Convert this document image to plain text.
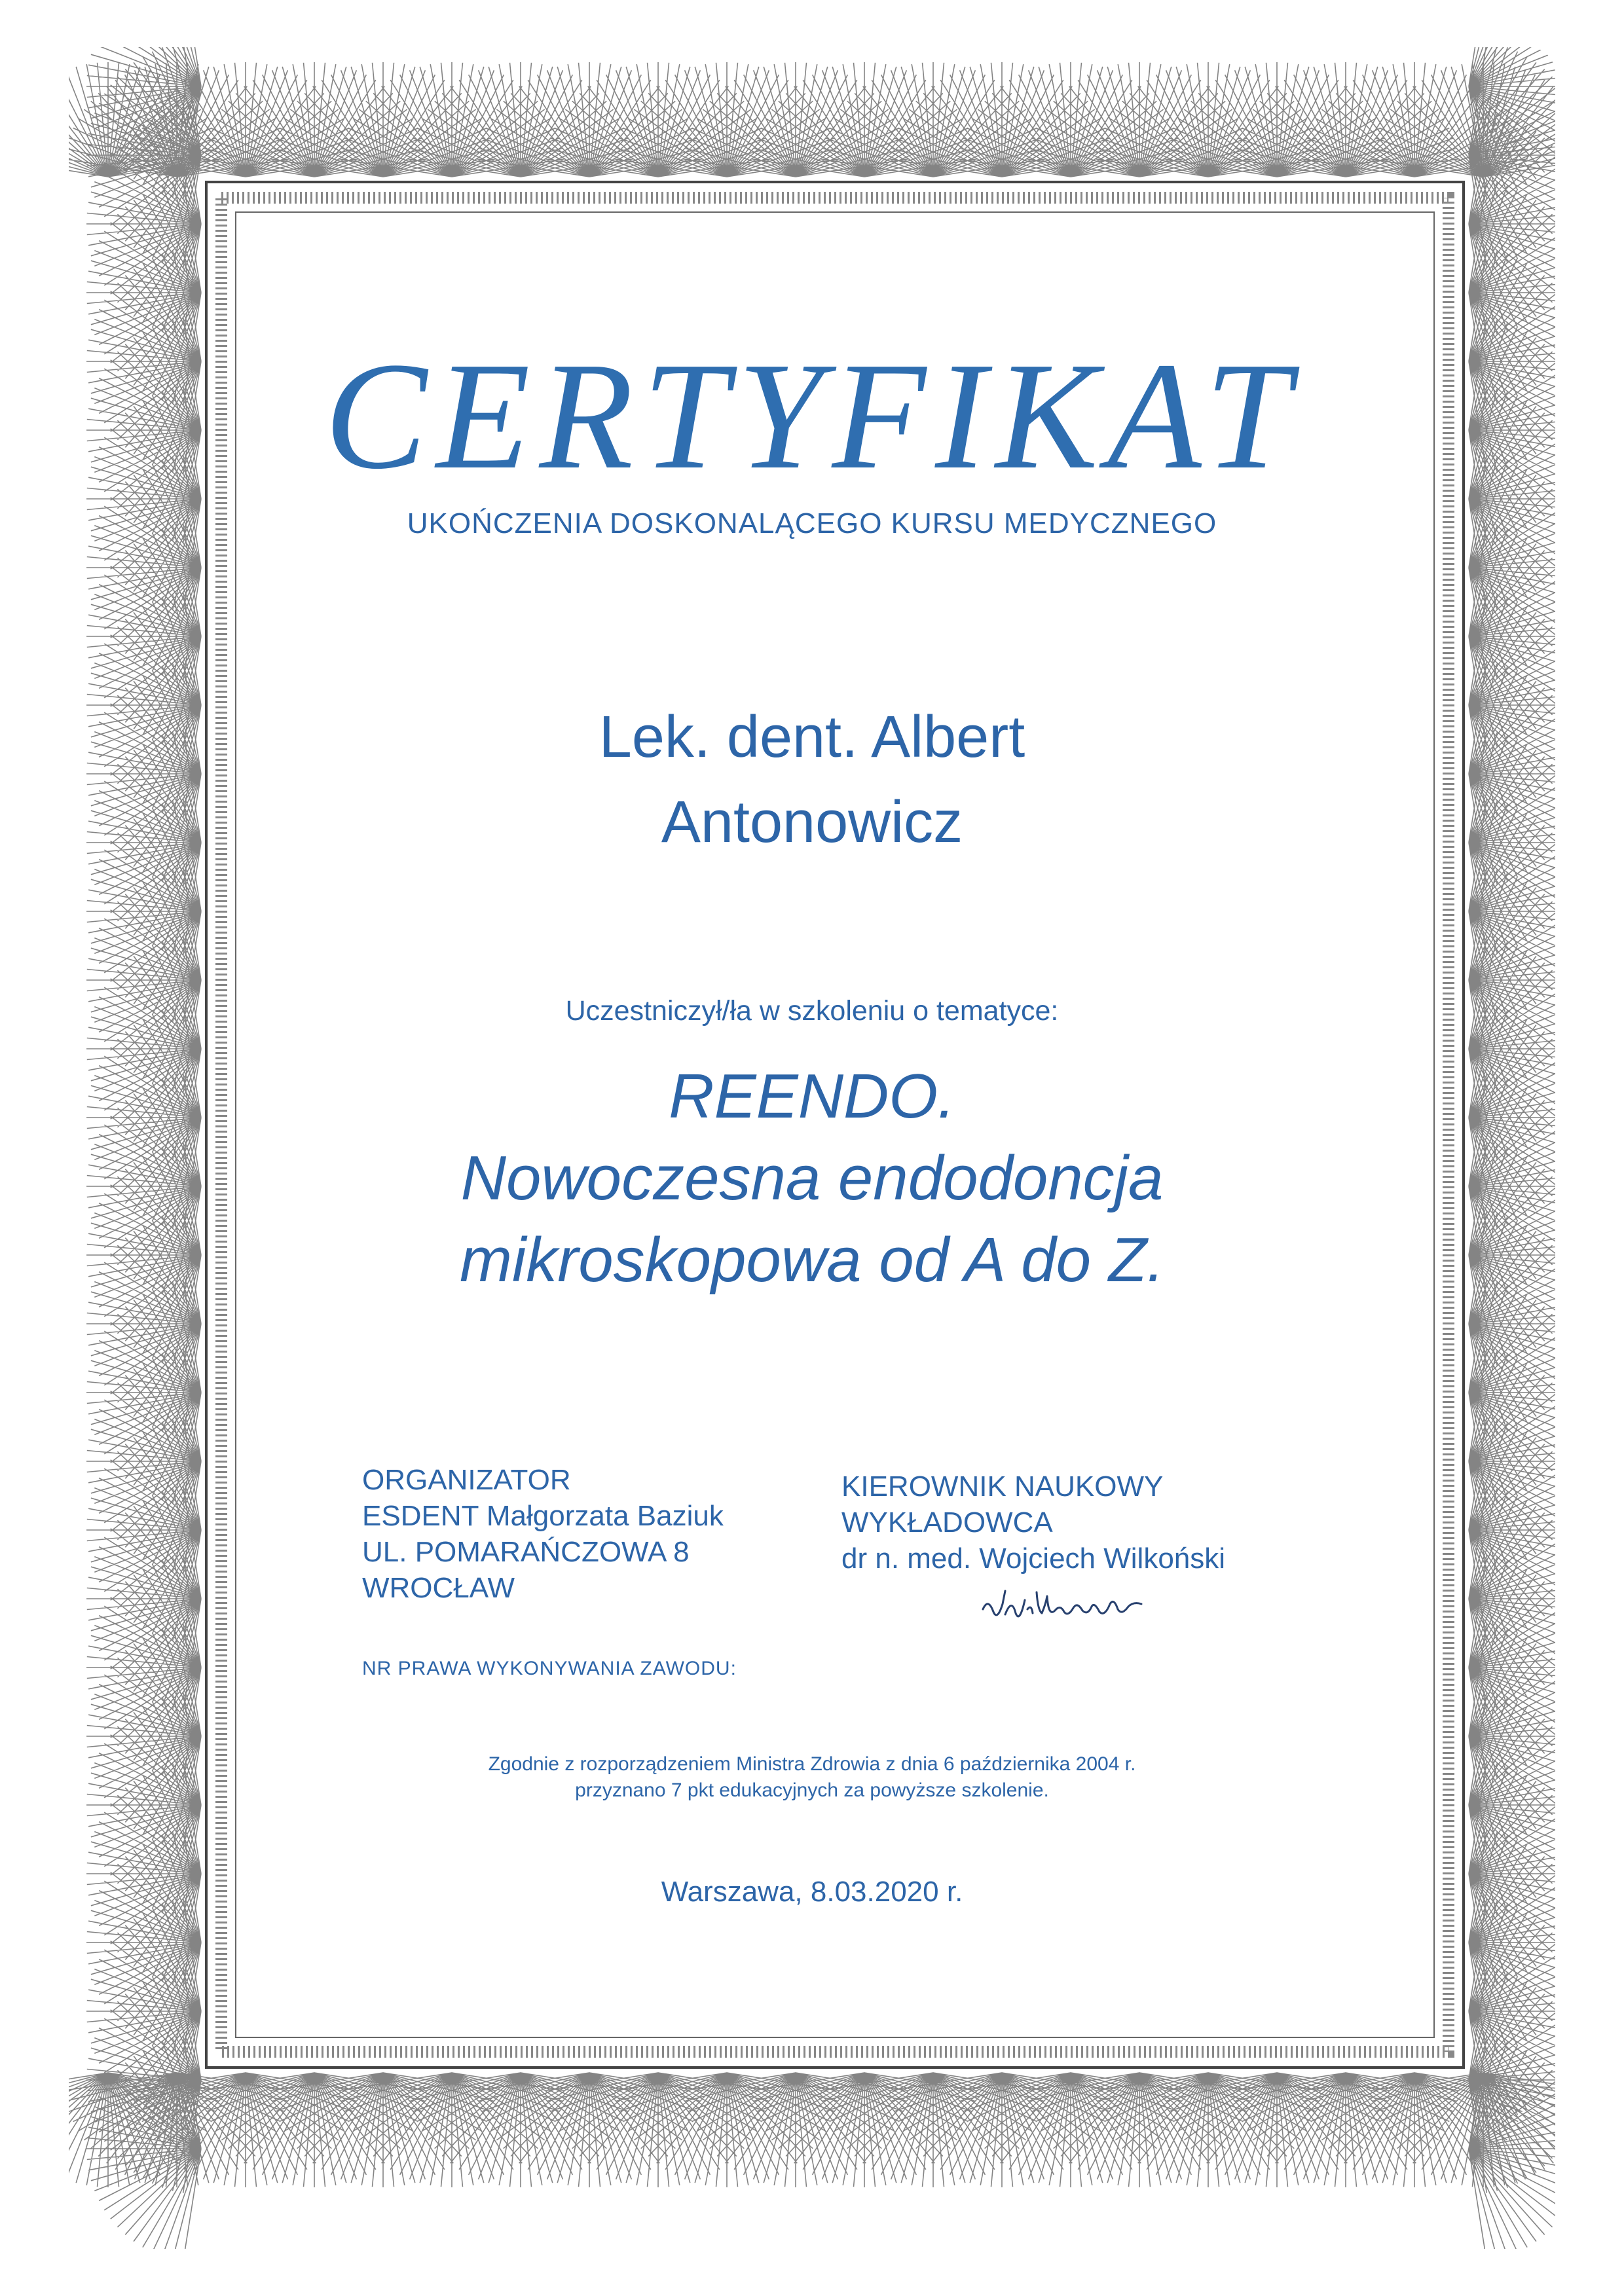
CERTYFIKAT
UKOŃCZENIA DOSKONALĄCEGO KURSU MEDYCZNEGO
Lek. dent. Albert
Antonowicz
Uczestniczył/ła w szkoleniu o tematyce:
REENDO.
Nowoczesna endodoncja
mikroskopowa od A do Z.
ORGANIZATOR
ESDENT Małgorzata Baziuk
UL. POMARAŃCZOWA 8
WROCŁAW
KIEROWNIK NAUKOWY
WYKŁADOWCA
dr n. med. Wojciech Wilkoński
NR PRAWA WYKONYWANIA ZAWODU:
Zgodnie z rozporządzeniem Ministra Zdrowia z dnia 6 października 2004 r.
przyznano 7 pkt edukacyjnych za powyższe szkolenie.
Warszawa, 8.03.2020 r.
